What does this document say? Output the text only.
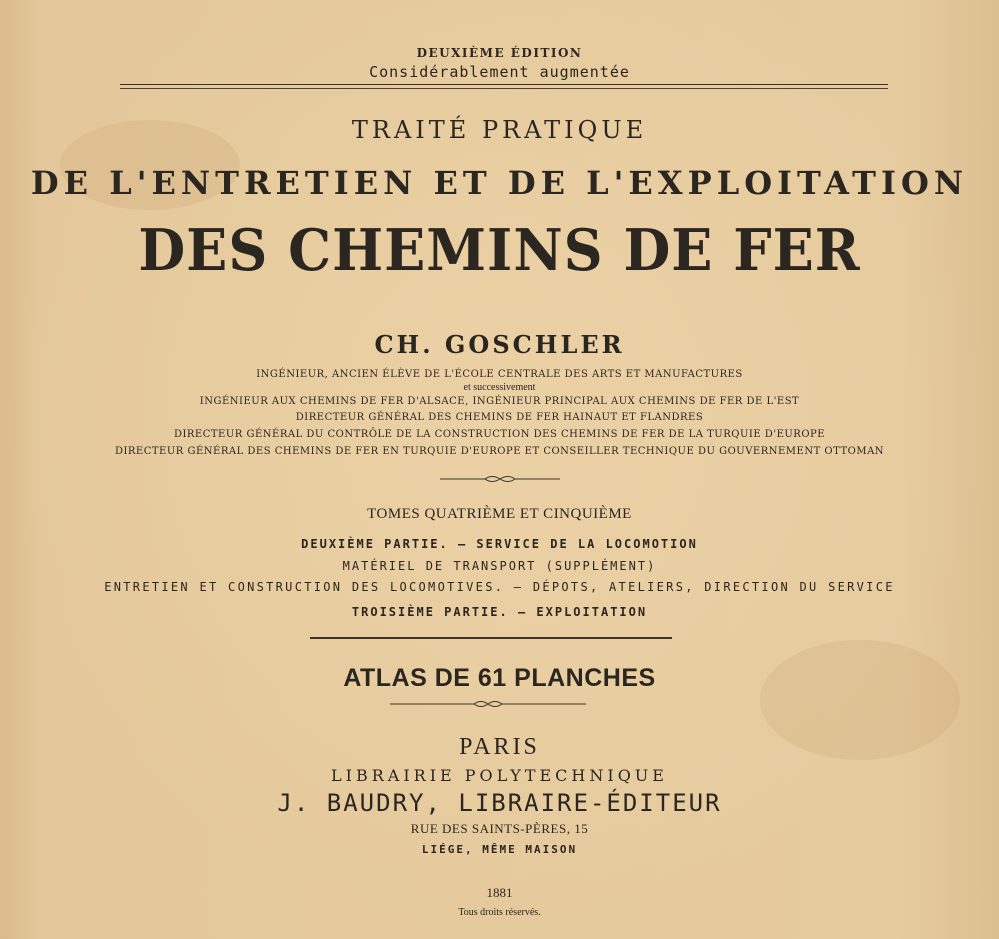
DEUXIÈME ÉDITION
Considérablement augmentée
TRAITÉ PRATIQUE
DE L'ENTRETIEN ET DE L'EXPLOITATION
DES CHEMINS DE FER
CH. GOSCHLER
INGÉNIEUR, ANCIEN ÉLÈVE DE L'ÉCOLE CENTRALE DES ARTS ET MANUFACTURES
et successivement
INGÉNIEUR AUX CHEMINS DE FER D'ALSACE, INGÉNIEUR PRINCIPAL AUX CHEMINS DE FER DE L'EST
DIRECTEUR GÉNÉRAL DES CHEMINS DE FER HAINAUT ET FLANDRES
DIRECTEUR GÉNÉRAL DU CONTRÔLE DE LA CONSTRUCTION DES CHEMINS DE FER DE LA TURQUIE D'EUROPE
DIRECTEUR GÉNÉRAL DES CHEMINS DE FER EN TURQUIE D'EUROPE ET CONSEILLER TECHNIQUE DU GOUVERNEMENT OTTOMAN
TOMES QUATRIÈME ET CINQUIÈME
DEUXIÈME PARTIE. — SERVICE DE LA LOCOMOTION
MATÉRIEL DE TRANSPORT (SUPPLÉMENT)
ENTRETIEN ET CONSTRUCTION DES LOCOMOTIVES. — DÉPOTS, ATELIERS, DIRECTION DU SERVICE
TROISIÈME PARTIE. — EXPLOITATION
ATLAS DE 61 PLANCHES
PARIS
LIBRAIRIE POLYTECHNIQUE
J. BAUDRY, LIBRAIRE-ÉDITEUR
RUE DES SAINTS-PÈRES, 15
LIÉGE, MÊME MAISON
1881
Tous droits réservés.
